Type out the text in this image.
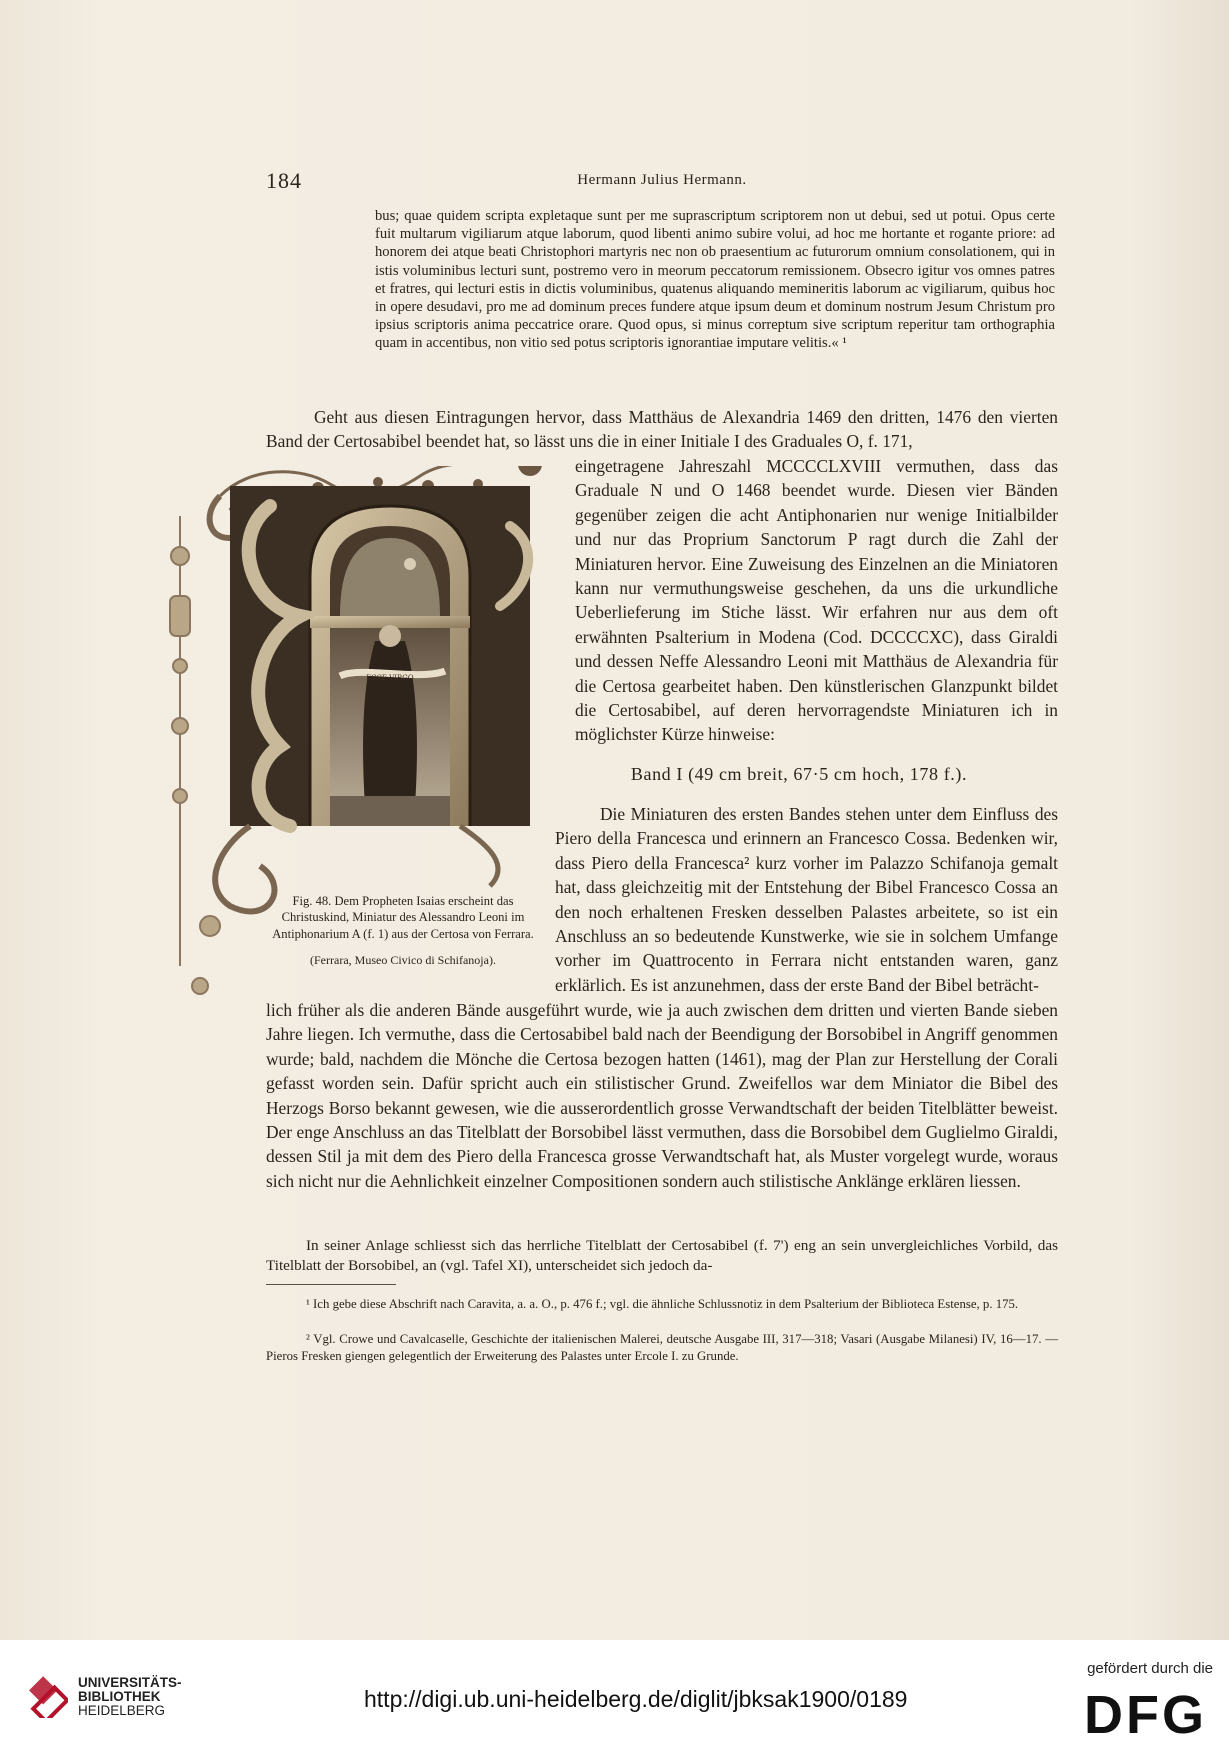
184	Hermann Julius Hermann.
bus; quae quidem scripta expletaque sunt per me suprascriptum scriptorem non ut debui, sed ut potui. Opus certe fuit multarum vigiliarum atque laborum, quod libenti animo subire volui, ad hoc me hortante et rogante priore: ad honorem dei atque beati Christophori martyris nec non ob praesentium ac futurorum omnium consolationem, qui in istis voluminibus lecturi sunt, postremo vero in meorum peccatorum remissionem. Obsecro igitur vos omnes patres et fratres, qui lecturi estis in dictis voluminibus, quatenus aliquando memineritis laborum ac vigiliarum, quibus hoc in opere desudavi, pro me ad dominum preces fundere atque ipsum deum et dominum nostrum Jesum Christum pro ipsius scriptoris anima peccatrice orare. Quod opus, si minus correptum sive scriptum reperitur tam orthographia quam in accentibus, non vitio sed potus scriptoris ignorantiae imputare velitis.« ¹
Geht aus diesen Eintragungen hervor, dass Matthäus de Alexandria 1469 den dritten, 1476 den vierten Band der Certosabibel beendet hat, so lässt uns die in einer Initiale I des Graduales O, f. 171,
eingetragene Jahreszahl MCCCCLXVIII vermuthen, dass das Graduale N und O 1468 beendet wurde. Diesen vier Bänden gegenüber zeigen die acht Antiphonarien nur wenige Initialbilder und nur das Proprium Sanctorum P ragt durch die Zahl der Miniaturen hervor. Eine Zuweisung des Einzelnen an die Miniatoren kann nur vermuthungsweise geschehen, da uns die urkundliche Ueberlieferung im Stiche lässt. Wir erfahren nur aus dem oft erwähnten Psalterium in Modena (Cod. DCCCCXC), dass Giraldi und dessen Neffe Alessandro Leoni mit Matthäus de Alexandria für die Certosa gearbeitet haben. Den künstlerischen Glanzpunkt bildet die Certosabibel, auf deren hervorragendste Miniaturen ich in möglichster Kürze hinweise:
Band I (49 cm breit, 67·5 cm hoch, 178 f.).
Die Miniaturen des ersten Bandes stehen unter dem Einfluss des Piero della Francesca und erinnern an Francesco Cossa. Bedenken wir, dass Piero della Francesca² kurz vorher im Palazzo Schifanoja gemalt hat, dass gleichzeitig mit der Entstehung der Bibel Francesco Cossa an den noch erhaltenen Fresken desselben Palastes arbeitete, so ist ein Anschluss an so bedeutende Kunstwerke, wie sie in solchem Umfange vorher im Quattrocento in Ferrara nicht entstanden waren, ganz erklärlich. Es ist anzunehmen, dass der erste Band der Bibel beträcht-
lich früher als die anderen Bände ausgeführt wurde, wie ja auch zwischen dem dritten und vierten Bande sieben Jahre liegen. Ich vermuthe, dass die Certosabibel bald nach der Beendigung der Borsobibel in Angriff genommen wurde; bald, nachdem die Mönche die Certosa bezogen hatten (1461), mag der Plan zur Herstellung der Corali gefasst worden sein. Dafür spricht auch ein stilistischer Grund. Zweifellos war dem Miniator die Bibel des Herzogs Borso bekannt gewesen, wie die ausserordentlich grosse Verwandtschaft der beiden Titelblätter beweist. Der enge Anschluss an das Titelblatt der Borsobibel lässt vermuthen, dass die Borsobibel dem Guglielmo Giraldi, dessen Stil ja mit dem des Piero della Francesca grosse Verwandtschaft hat, als Muster vorgelegt wurde, woraus sich nicht nur die Aehnlichkeit einzelner Compositionen sondern auch stilistische Anklänge erklären liessen.
In seiner Anlage schliesst sich das herrliche Titelblatt der Certosabibel (f. 7') eng an sein unvergleichliches Vorbild, das Titelblatt der Borsobibel, an (vgl. Tafel XI), unterscheidet sich jedoch da-
¹ Ich gebe diese Abschrift nach Caravita, a. a. O., p. 476 f.; vgl. die ähnliche Schlussnotiz in dem Psalterium der Biblioteca Estense, p. 175.
² Vgl. Crowe und Cavalcaselle, Geschichte der italienischen Malerei, deutsche Ausgabe III, 317—318; Vasari (Ausgabe Milanesi) IV, 16—17. — Pieros Fresken giengen gelegentlich der Erweiterung des Palastes unter Ercole I. zu Grunde.
ECCE VIRGO
Fig. 48. Dem Propheten Isaias erscheint das Christuskind, Miniatur des Alessandro Leoni im Antiphonarium A (f. 1) aus der Certosa von Ferrara.
(Ferrara, Museo Civico di Schifanoja).
UNIVERSITÄTS-
BIBLIOTHEK
HEIDELBERG	http://digi.ub.uni-heidelberg.de/diglit/jbksak1900/0189
gefördert durch die
DFG
